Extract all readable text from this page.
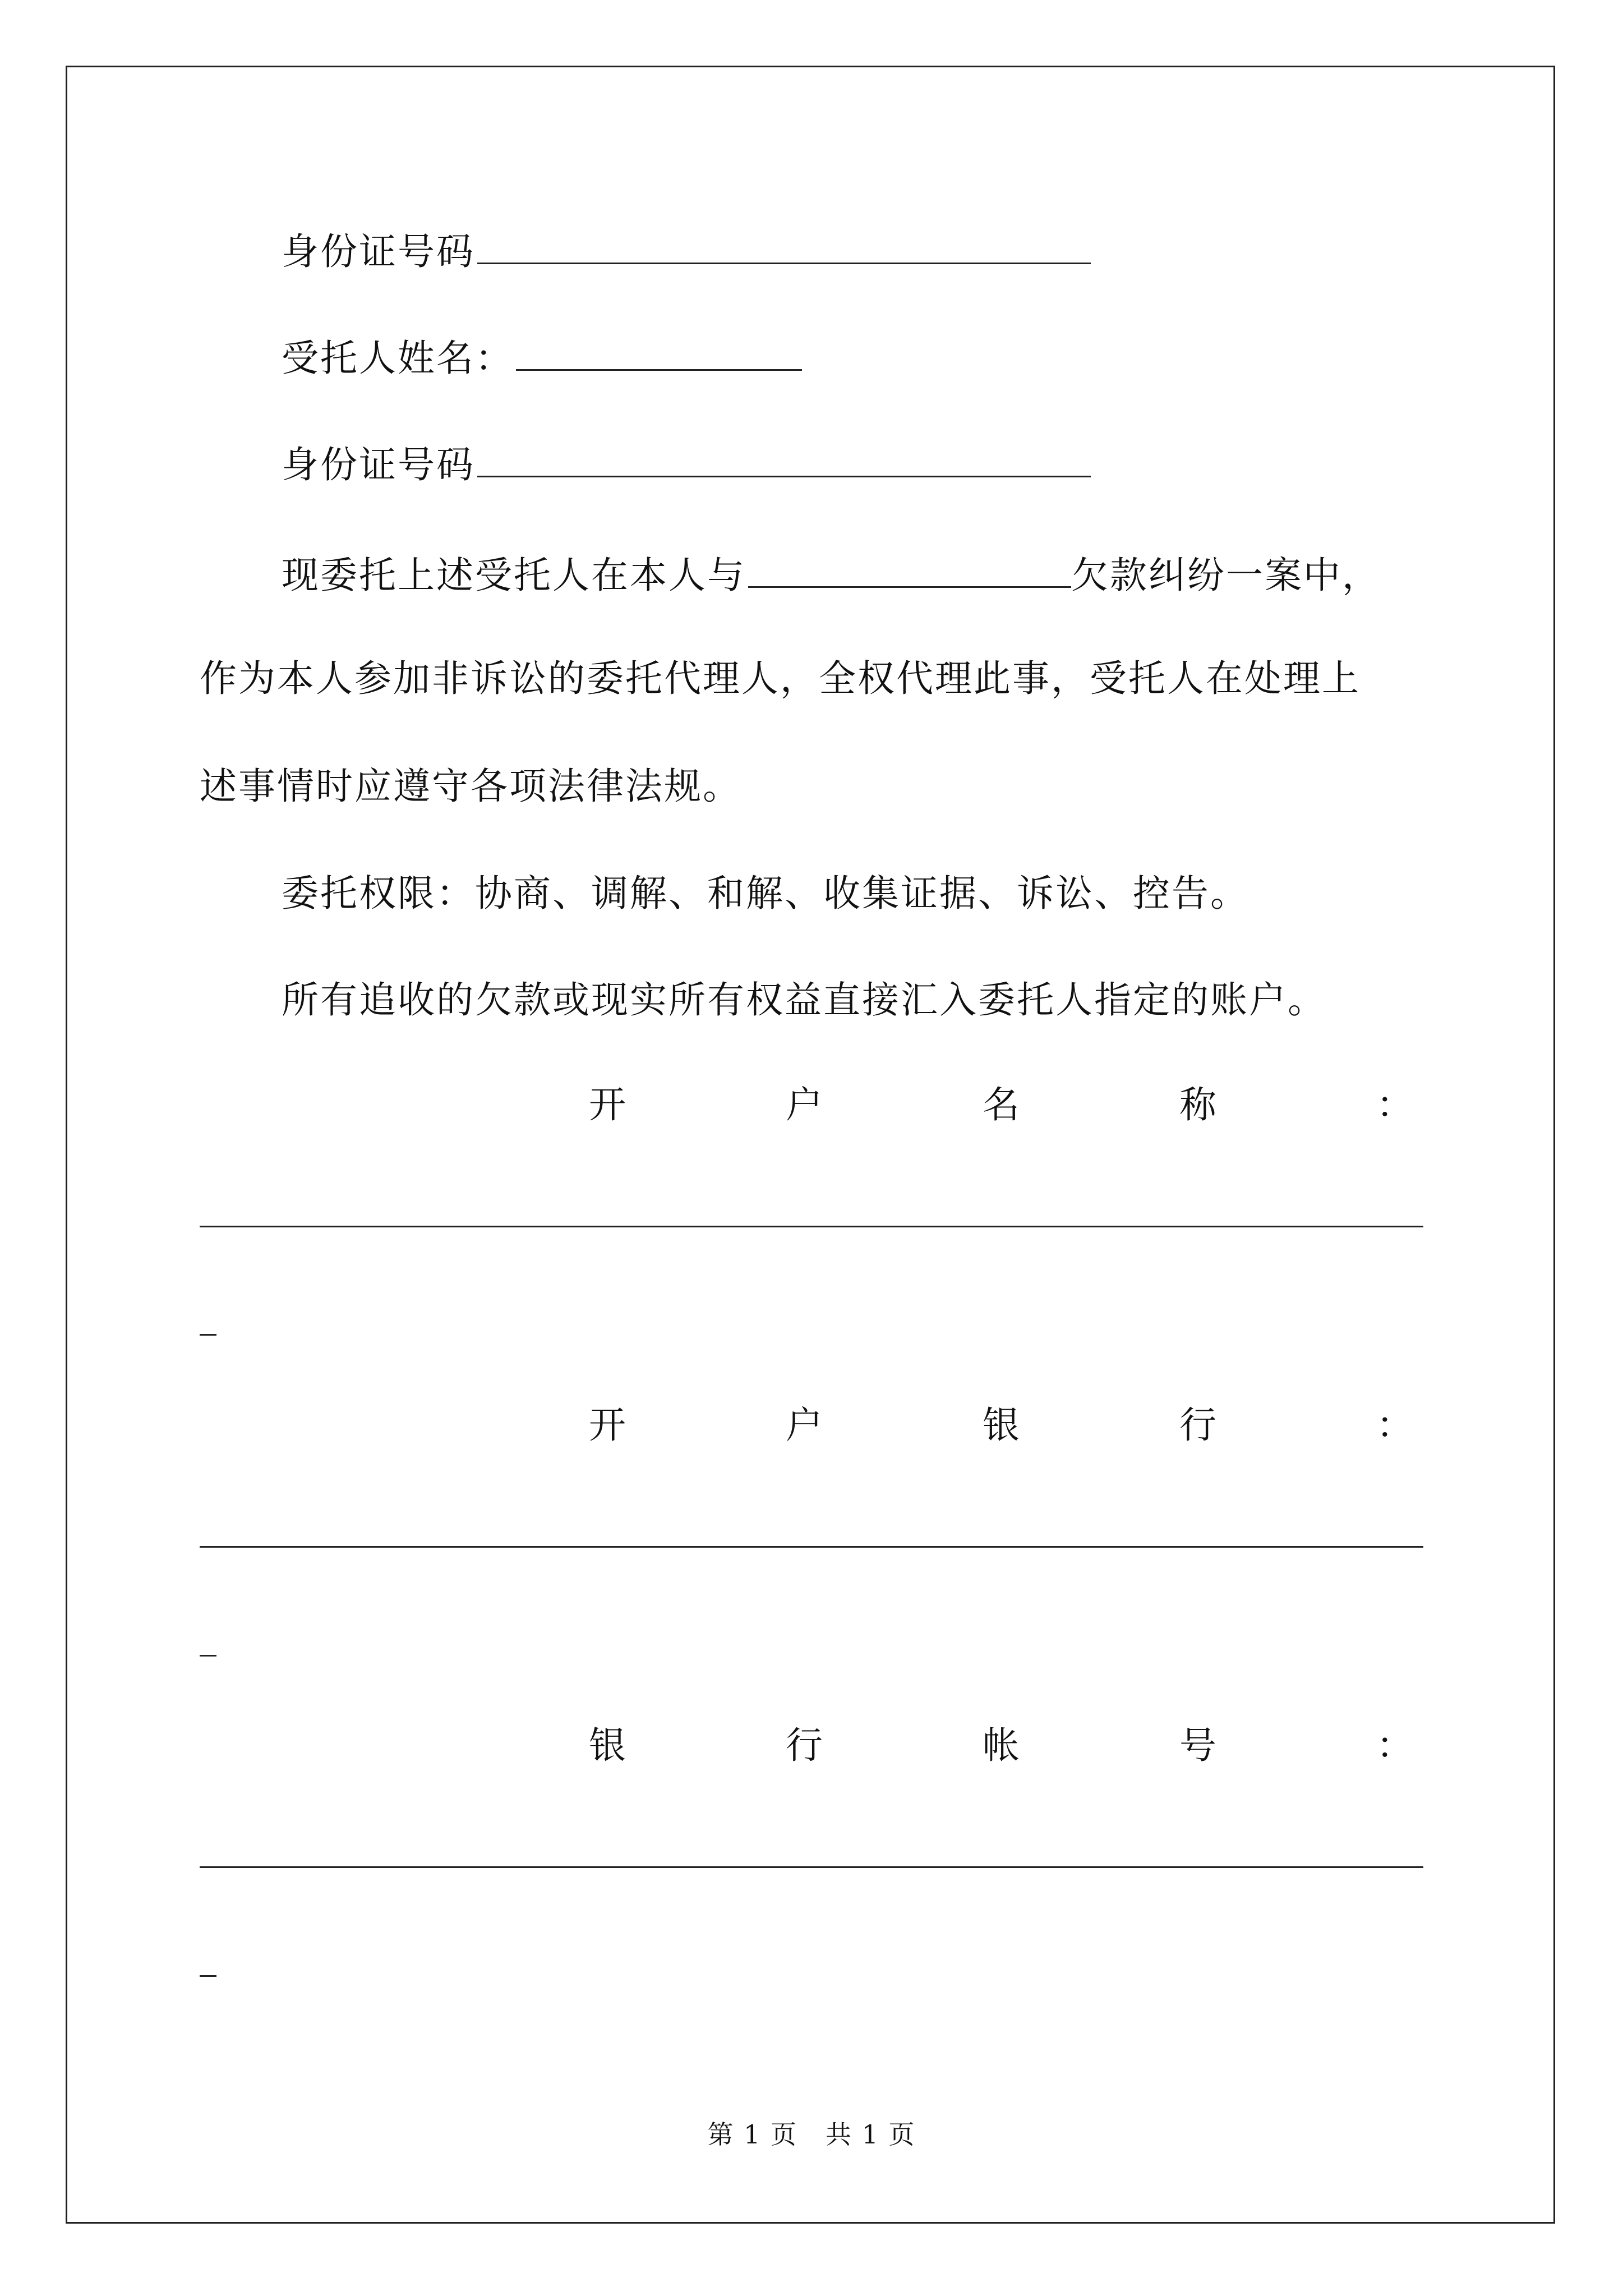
身份证号码
受托人姓名：
身份证号码
现委托上述受托人在本人与	欠款纠纷一案中，
作为本人参加非诉讼的委托代理人，全权代理此事，受托人在处理上
述事情时应遵守各项法律法规。
委托权限：协商、调解、和解、收集证据、诉讼、控告。
所有追收的欠款或现实所有权益直接汇入委托人指定的账户。
开	户	名	称	：
开	户	银	行	：
银	行	帐	号	：
第 1 页 共 1 页
